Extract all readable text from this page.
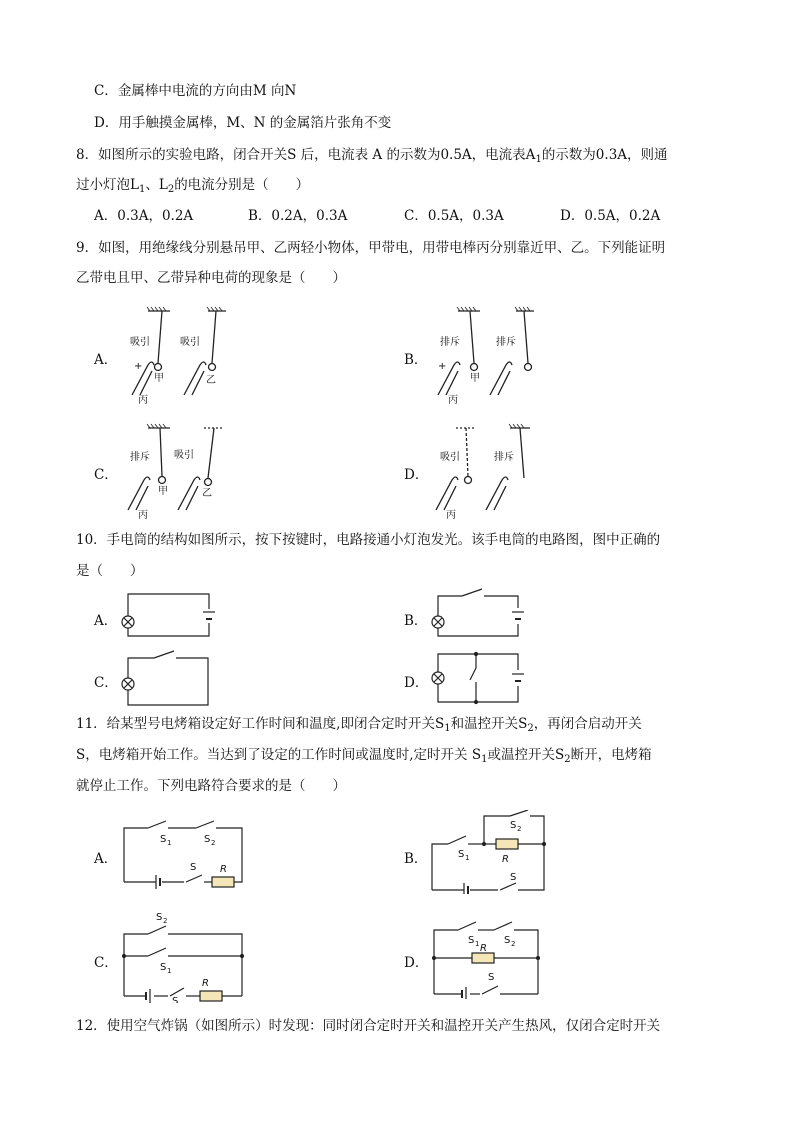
C．金属棒中电流的方向由M 向N
D．用手触摸金属棒，M、N 的金属箔片张角不变
8．如图所示的实验电路，闭合开关S 后，电流表 A 的示数为0.5A，电流表$A_1$的示数为0.3A，则通
过小灯泡$L_1$、$L_2$的电流分别是（　　）
A．0.3A，0.2A	B．0.2A，0.3A	C．0.5A，0.3A	D．0.5A，0.2A
9．如图，用绝缘线分别悬吊甲、乙两轻小物体，甲带电，用带电棒丙分别靠近甲、乙。下列能证明
乙带电且甲、乙带异种电荷的现象是（　　）
A．	B．
C．	D．
吸引	吸引
+
甲	乙
丙
排斥	排斥
+
甲
丙
排斥 吸引
甲	乙
丙
吸引	排斥
丙
10．手电筒的结构如图所示，按下按键时，电路接通小灯泡发光。该手电筒的电路图，图中正确的
是（　　）
A．	B．
C．	D．
11．给某型号电烤箱设定好工作时间和温度,即闭合定时开关$S_1$和温控开关$S_2$，再闭合启动开关
S，电烤箱开始工作。当达到了设定的工作时间或温度时,定时开关 $S_1$或温控开关$S_2$断开，电烤箱
就停止工作。下列电路符合要求的是（　　）
A．	B．
C．	D．
S 1	S 2
S R
S 2
S 1	R
S
S 2
S 1
S
R
S 1 S 2
R
S
12．使用空气炸锅（如图所示）时发现：同时闭合定时开关和温控开关产生热风，仅闭合定时开关
